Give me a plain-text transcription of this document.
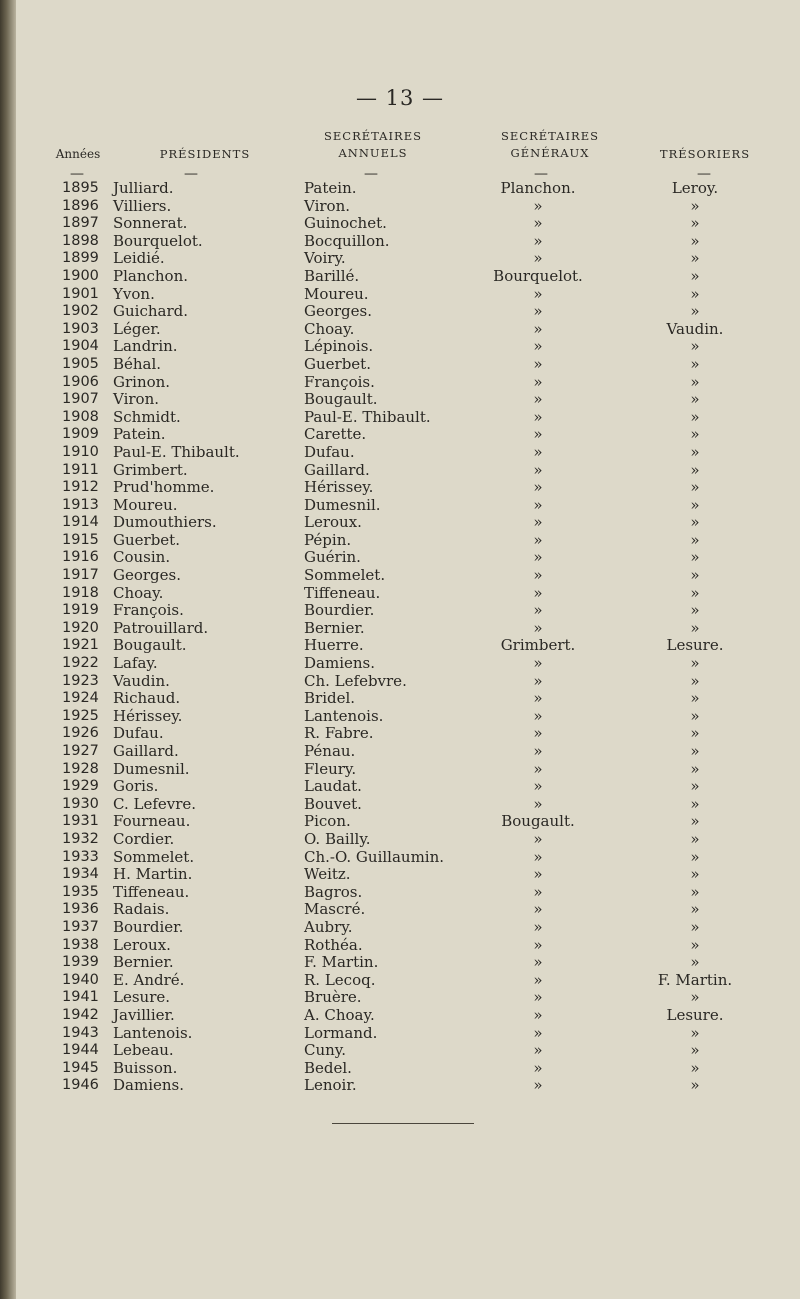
— 13 —
Années	PRÉSIDENTS
SECRÉTAIRES
ANNUELS
SECRÉTAIRES
GÉNÉRAUX	TRÉSORIERS
—	—	—	—	—
1895 Julliard.	Patein.	Planchon.	Leroy.
1896 Villiers.	Viron.	»	»
1897 Sonnerat.	Guinochet.	»	»
1898 Bourquelot.	Bocquillon.	»	»
1899 Leidié.	Voiry.	»	»
1900 Planchon.	Barillé.	Bourquelot.	»
1901 Yvon.	Moureu.	»	»
1902 Guichard.	Georges.	»	»
1903 Léger.	Choay.	»	Vaudin.
1904 Landrin.	Lépinois.	»	»
1905 Béhal.	Guerbet.	»	»
1906 Grinon.	François.	»	»
1907 Viron.	Bougault.	»	»
1908 Schmidt.	Paul-E. Thibault.	»	»
1909 Patein.	Carette.	»	»
1910 Paul-E. Thibault.	Dufau.	»	»
1911 Grimbert.	Gaillard.	»	»
1912 Prud'homme.	Hérissey.	»	»
1913 Moureu.	Dumesnil.	»	»
1914 Dumouthiers.	Leroux.	»	»
1915 Guerbet.	Pépin.	»	»
1916 Cousin.	Guérin.	»	»
1917 Georges.	Sommelet.	»	»
1918 Choay.	Tiffeneau.	»	»
1919 François.	Bourdier.	»	»
1920 Patrouillard.	Bernier.	»	»
1921 Bougault.	Huerre.	Grimbert.	Lesure.
1922 Lafay.	Damiens.	»	»
1923 Vaudin.	Ch. Lefebvre.	»	»
1924 Richaud.	Bridel.	»	»
1925 Hérissey.	Lantenois.	»	»
1926 Dufau.	R. Fabre.	»	»
1927 Gaillard.	Pénau.	»	»
1928 Dumesnil.	Fleury.	»	»
1929 Goris.	Laudat.	»	»
1930 C. Lefevre.	Bouvet.	»	»
1931 Fourneau.	Picon.	Bougault.	»
1932 Cordier.	O. Bailly.	»	»
1933 Sommelet.	Ch.-O. Guillaumin.	»	»
1934 H. Martin.	Weitz.	»	»
1935 Tiffeneau.	Bagros.	»	»
1936 Radais.	Mascré.	»	»
1937 Bourdier.	Aubry.	»	»
1938 Leroux.	Rothéa.	»	»
1939 Bernier.	F. Martin.	»	»
1940 E. André.	R. Lecoq.	»	F. Martin.
1941 Lesure.	Bruère.	»	»
1942 Javillier.	A. Choay.	»	Lesure.
1943 Lantenois.	Lormand.	»	»
1944 Lebeau.	Cuny.	»	»
1945 Buisson.	Bedel.	»	»
1946 Damiens.	Lenoir.	»	»
